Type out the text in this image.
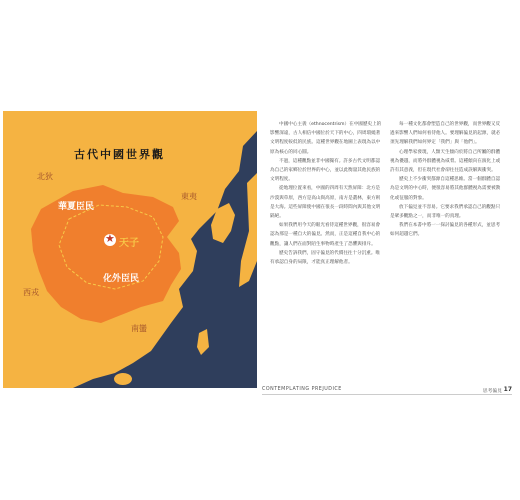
古代中國世界觀
華夏臣民
化外臣民
★ 天子
北狄
東夷
西戎
南蠻

中國中心主義（ethnocentrism）在中國歷史上的影響深遠，古人相信中國位於天下的中心，四周環繞著文明程度較低的民族。這種世界觀在地圖上表現為以中原為核心的同心圓。

不過，這種觀點並非中國獨有。許多古代文明都認為自己的家鄉位於世界的中心，並以此衡量其他民族的文明程度。

從地理位置來看，中國的四周有天然屏障：北方是沙漠與草原，西方是高山與高原，南方是叢林，東方則是大海。這些屏障使中國在很長一段時間內與其他文明隔絕。

如果我們用今天的眼光看待這種世界觀，很容易會認為那是一種自大的偏見。然而，正是這種自我中心的觀點，讓人們在面對陌生事物時產生了恐懼與排斥。

歷史告訴我們，固守偏見的代價往往十分沉重。唯有承認自身的局限，才能真正理解他者。

每一種文化都會塑造自己的世界觀，而世界觀又反過來影響人們如何看待他人。要理解偏見的起源，就必須先理解我們如何界定「我們」與「他們」。

心理學家發現，人類天生傾向於將自己所屬的群體視為優越，而將外群體視為威脅。這種傾向在演化上或許有其意義，但在現代社會卻往往造成誤解與衝突。

歷史上不少衝突都源自這種思維。當一個群體自認為是文明的中心時，便很容易將其他群體視為需要被教化或征服的對象。

放下偏見並不容易。它要求我們承認自己的觀點只是眾多觀點之一，而非唯一的真理。

我們在本書中將一一探討偏見的各種形式，並思考如何超越它們。

CONTEMPLATING PREJUDICE	思考偏見 17
